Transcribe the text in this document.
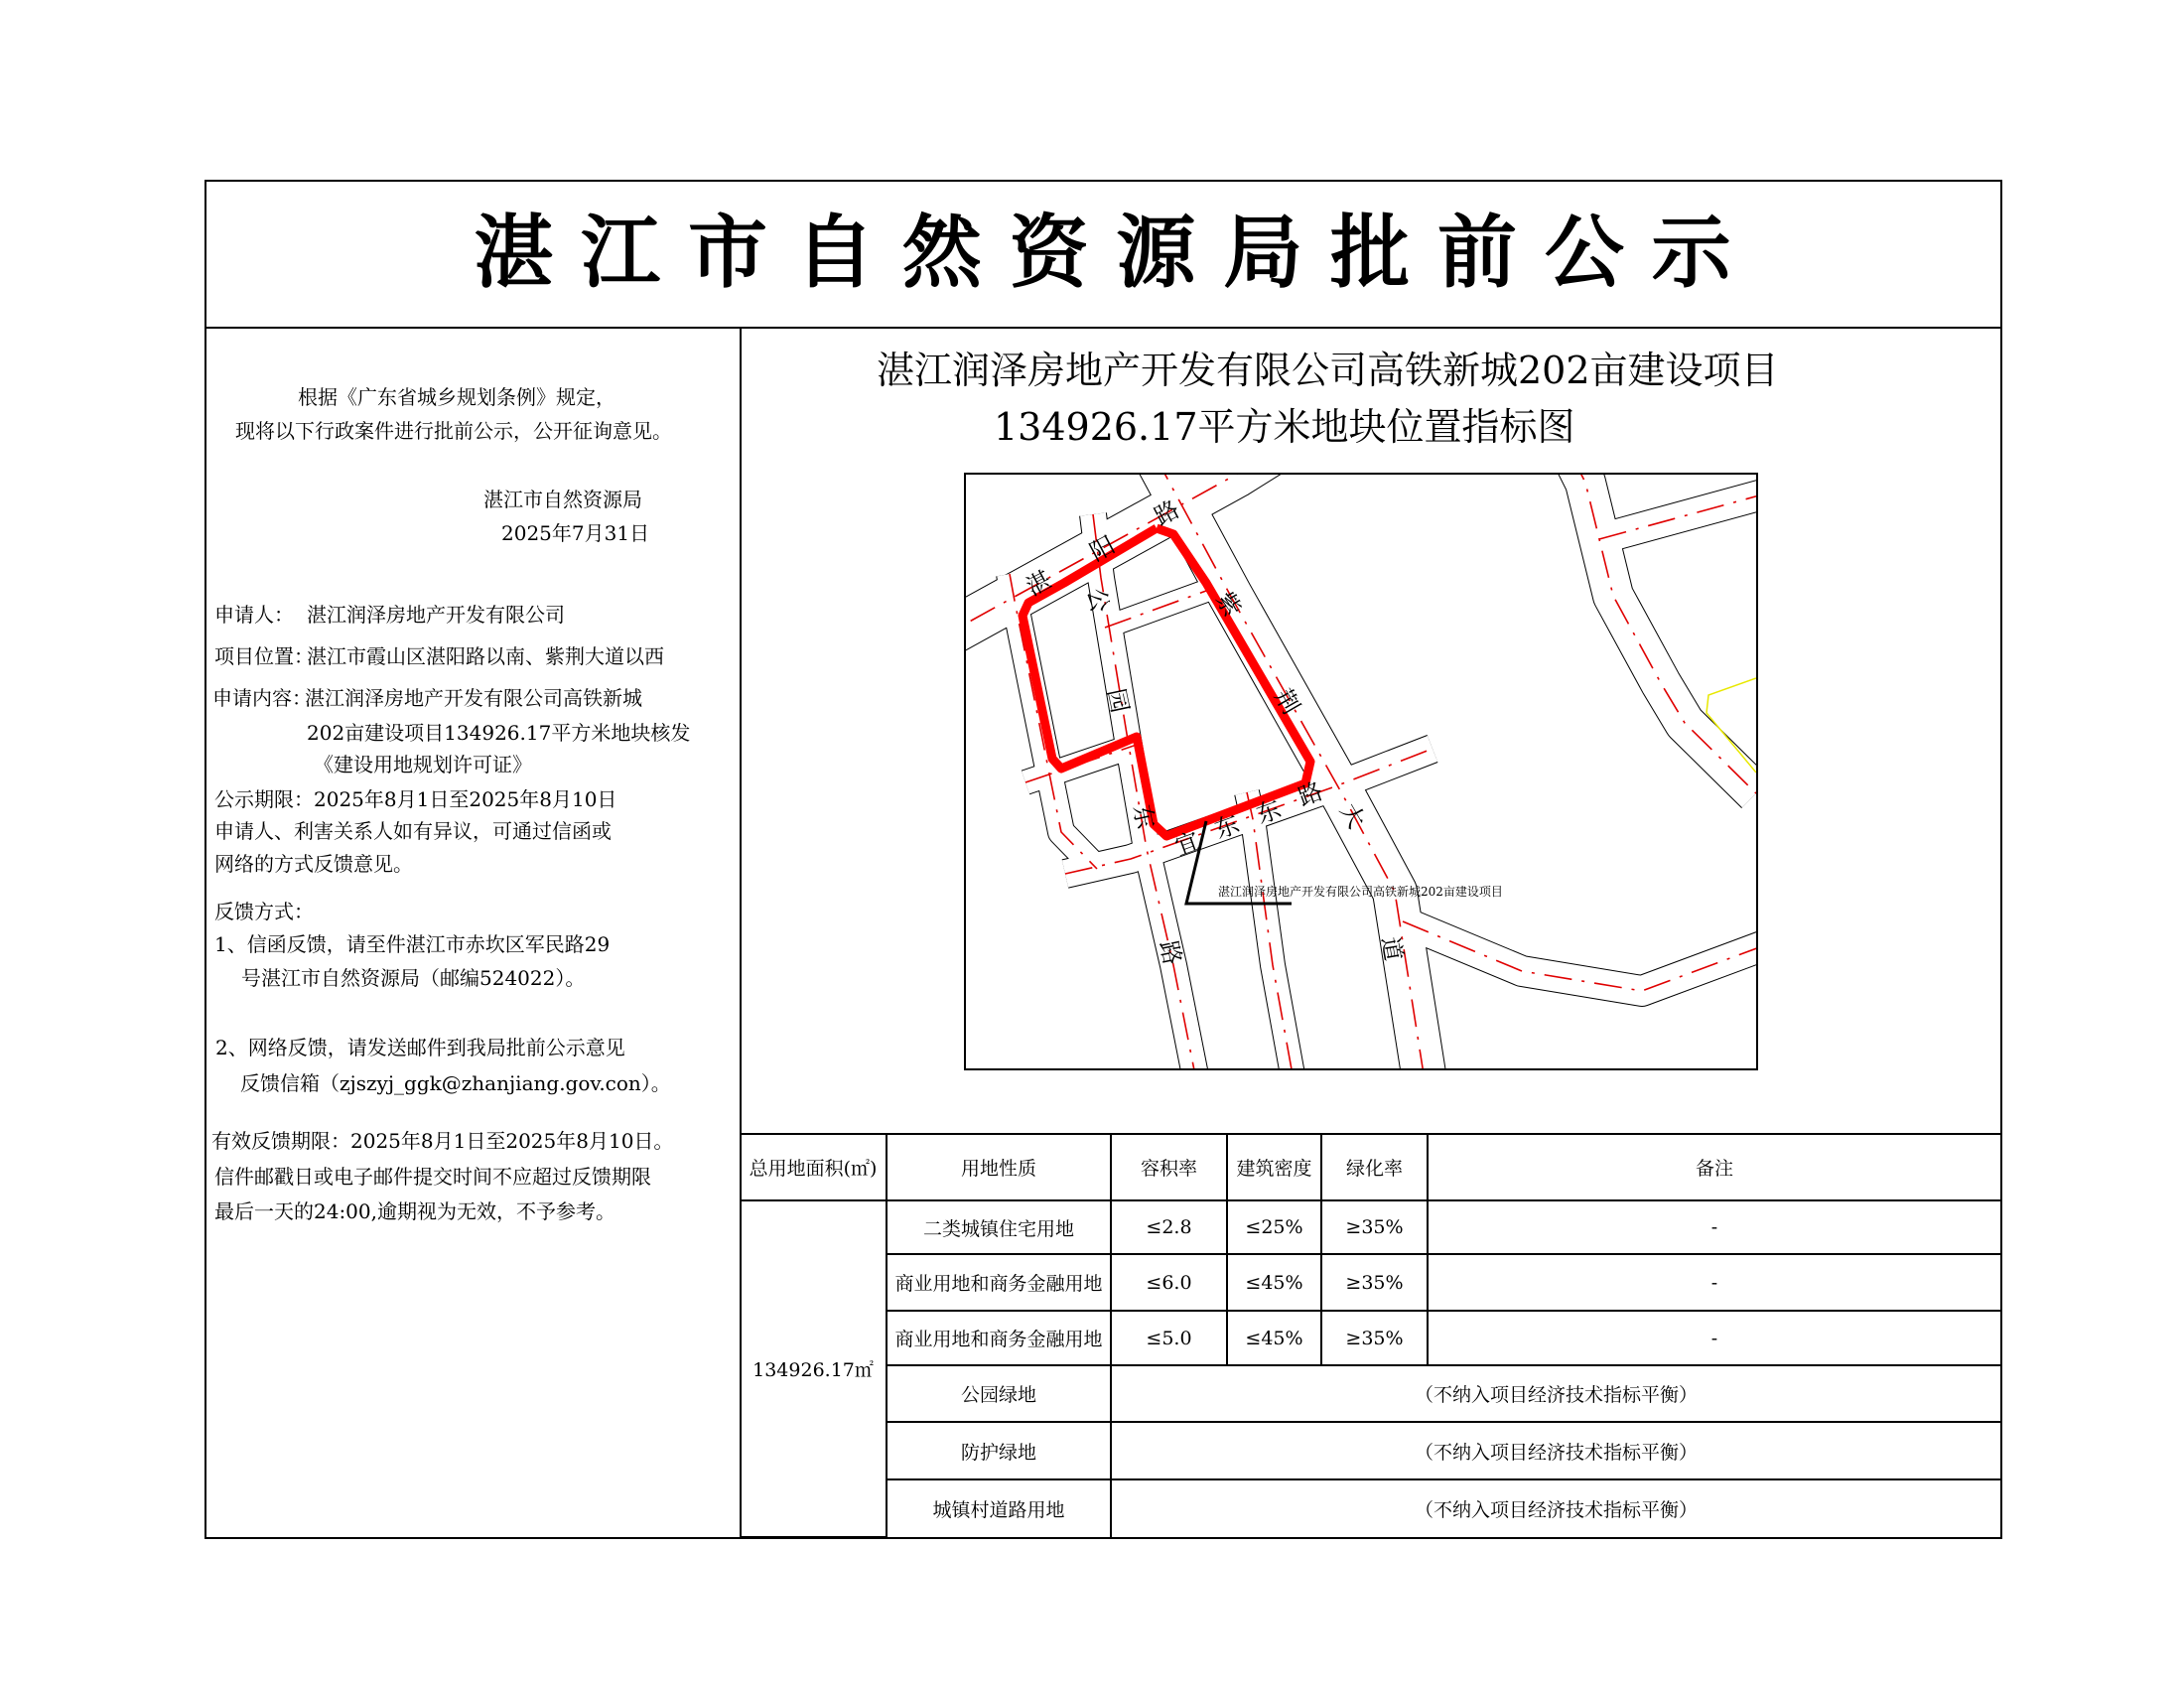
湛 江 市 自 然 资 源 局 批 前 公 示
根据《广东省城乡规划条例》规定，
现将以下行政案件进行批前公示，公开征询意见。
湛江市自然资源局
2025年7月31日
申请人： 湛江润泽房地产开发有限公司
项目位置：
湛江市霞山区湛阳路以南、紫荆大道以西
申请内容：
湛江润泽房地产开发有限公司高铁新城
202亩建设项目134926.17平方米地块核发
《建设用地规划许可证》
公示期限：2025年8月1日至2025年8月10日
申请人、利害关系人如有异议，可通过信函或
网络的方式反馈意见。
反馈方式：
1、信函反馈，请至件湛江市赤坎区军民路29
号湛江市自然资源局（邮编524022）。
2、网络反馈，请发送邮件到我局批前公示意见
反馈信箱（zjszyj_ggk@zhanjiang.gov.con）。
有效反馈期限：2025年8月1日至2025年8月10日。
信件邮戳日或电子邮件提交时间不应超过反馈期限
最后一天的24:00,逾期视为无效，不予参考。
湛江润泽房地产开发有限公司高铁新城202亩建设项目
134926.17平方米地块位置指标图
湛江润泽房地产开发有限公司高铁新城202亩建设项目
湛
阳
路
紫
荆
大
道
公
园
东
路
宜 东 东
路
总用地面积(㎡)	用地性质	容积率	建筑密度	绿化率	备注
134926.17㎡	二类城镇住宅用地	≤2.8	≤25%	≥35%	-
	商业用地和商务金融用地	≤6.0	≤45%	≥35%	-
	商业用地和商务金融用地	≤5.0	≤45%	≥35%	-
	公园绿地	（不纳入项目经济技术指标平衡）			
	防护绿地	（不纳入项目经济技术指标平衡）			
	城镇村道路用地	（不纳入项目经济技术指标平衡）			
